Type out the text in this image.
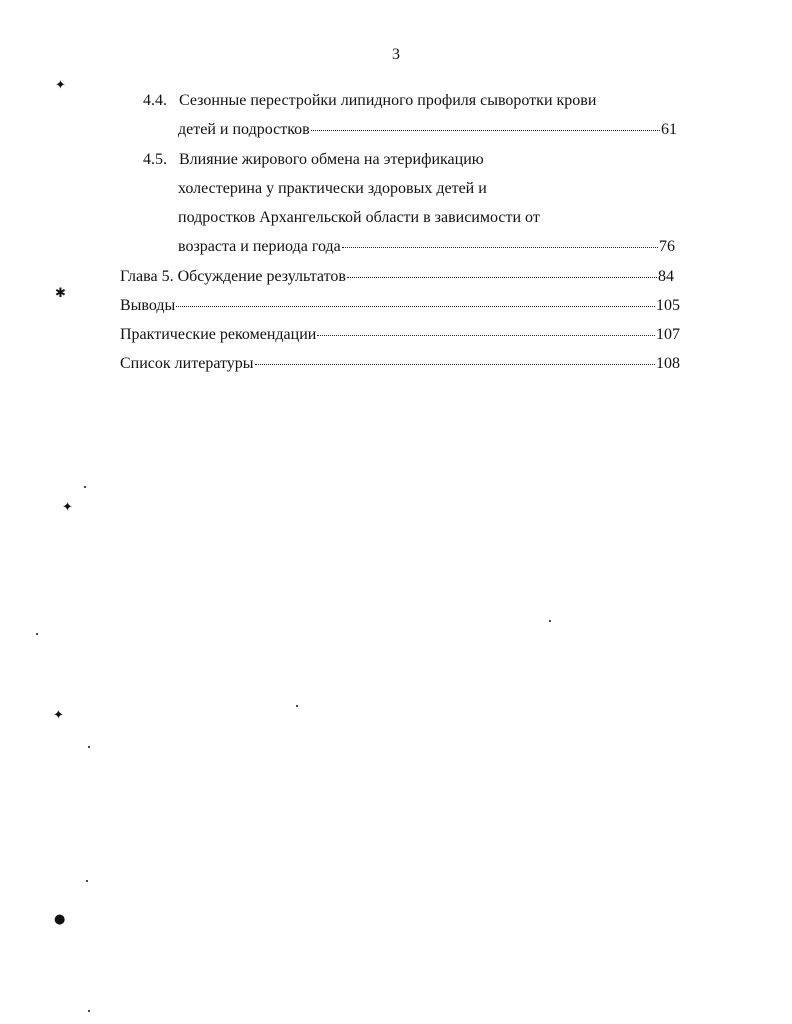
3
4.4. Сезонные перестройки липидного профиля сыворотки крови
детей и подростков	61
4.5. Влияние жирового обмена на этерификацию
холестерина у практически здоровых детей и
подростков Архангельской области в зависимости от
возраста и периода года	76
Глава 5. Обсуждение результатов	84
Выводы	105
Практические рекомендации	107
Список литературы	108
✦
✱
✦
✦
●
